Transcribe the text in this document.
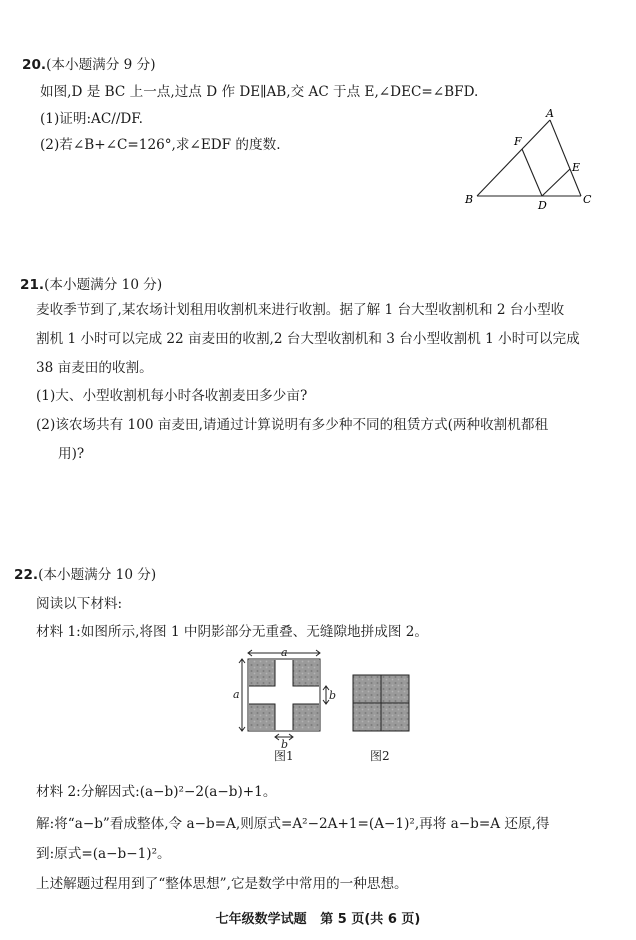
20.(本小题满分 9 分)
如图,D 是 BC 上一点,过点 D 作 DE∥AB,交 AC 于点 E,∠DEC=∠BFD.
(1)证明:AC//DF.
(2)若∠B+∠C=126°,求∠EDF 的度数.
A
B	C
D
E
F
21.(本小题满分 10 分)
麦收季节到了,某农场计划租用收割机来进行收割。据了解 1 台大型收割机和 2 台小型收
割机 1 小时可以完成 22 亩麦田的收割,2 台大型收割机和 3 台小型收割机 1 小时可以完成
38 亩麦田的收割。
(1)大、小型收割机每小时各收割麦田多少亩?
(2)该农场共有 100 亩麦田,请通过计算说明有多少种不同的租赁方式(两种收割机都租
用)?
22.(本小题满分 10 分)
阅读以下材料:
材料 1:如图所示,将图 1 中阴影部分无重叠、无缝隙地拼成图 2。
a
a	b
b
图1	图2
材料 2:分解因式:(a−b)²−2(a−b)+1。
解:将“a−b”看成整体,令 a−b=A,则原式=A²−2A+1=(A−1)²,再将 a−b=A 还原,得
到:原式=(a−b−1)²。
上述解题过程用到了“整体思想”,它是数学中常用的一种思想。
七年级数学试题   第 5 页(共 6 页)
